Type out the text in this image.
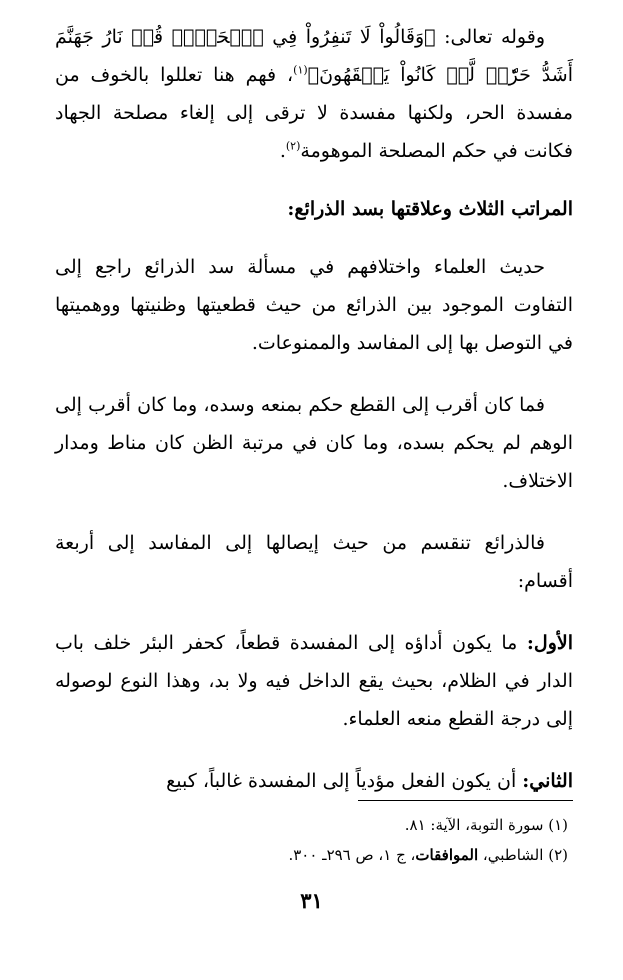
وقوله تعالى: ﴿وَقَالُواْ لَا تَنفِرُواْ فِي ٱلۡحَرِّۗ قُلۡ نَارُ جَهَنَّمَ أَشَدُّ حَرّٗاۚ لَّوۡ كَانُواْ يَفۡقَهُونَ﴾$^{(١)}$، فهم هنا تعللوا بالخوف من مفسدة الحر، ولكنها مفسدة لا ترقى إلى إلغاء مصلحة الجهاد فكانت في حكم المصلحة الموهومة$^{(٢)}$.

المراتب الثلاث وعلاقتها بسد الذرائع:

حديث العلماء واختلافهم في مسألة سد الذرائع راجع إلى التفاوت الموجود بين الذرائع من حيث قطعيتها وظنيتها ووهميتها في التوصل بها إلى المفاسد والممنوعات.

فما كان أقرب إلى القطع حكم بمنعه وسده، وما كان أقرب إلى الوهم لم يحكم بسده، وما كان في مرتبة الظن كان مناط ومدار الاختلاف.

فالذرائع تنقسم من حيث إيصالها إلى المفاسد إلى أربعة أقسام:

الأول: ما يكون أداؤه إلى المفسدة قطعاً، كحفر البئر خلف باب الدار في الظلام، بحيث يقع الداخل فيه ولا بد، وهذا النوع لوصوله إلى درجة القطع منعه العلماء.

الثاني: أن يكون الفعل مؤدياً إلى المفسدة غالباً، كبيع

(١) سورة التوبة، الآية: ٨١.

(٢) الشاطبي، الموافقات، ج ١، ص ٢٩٦ـ ٣٠٠.

٣١
